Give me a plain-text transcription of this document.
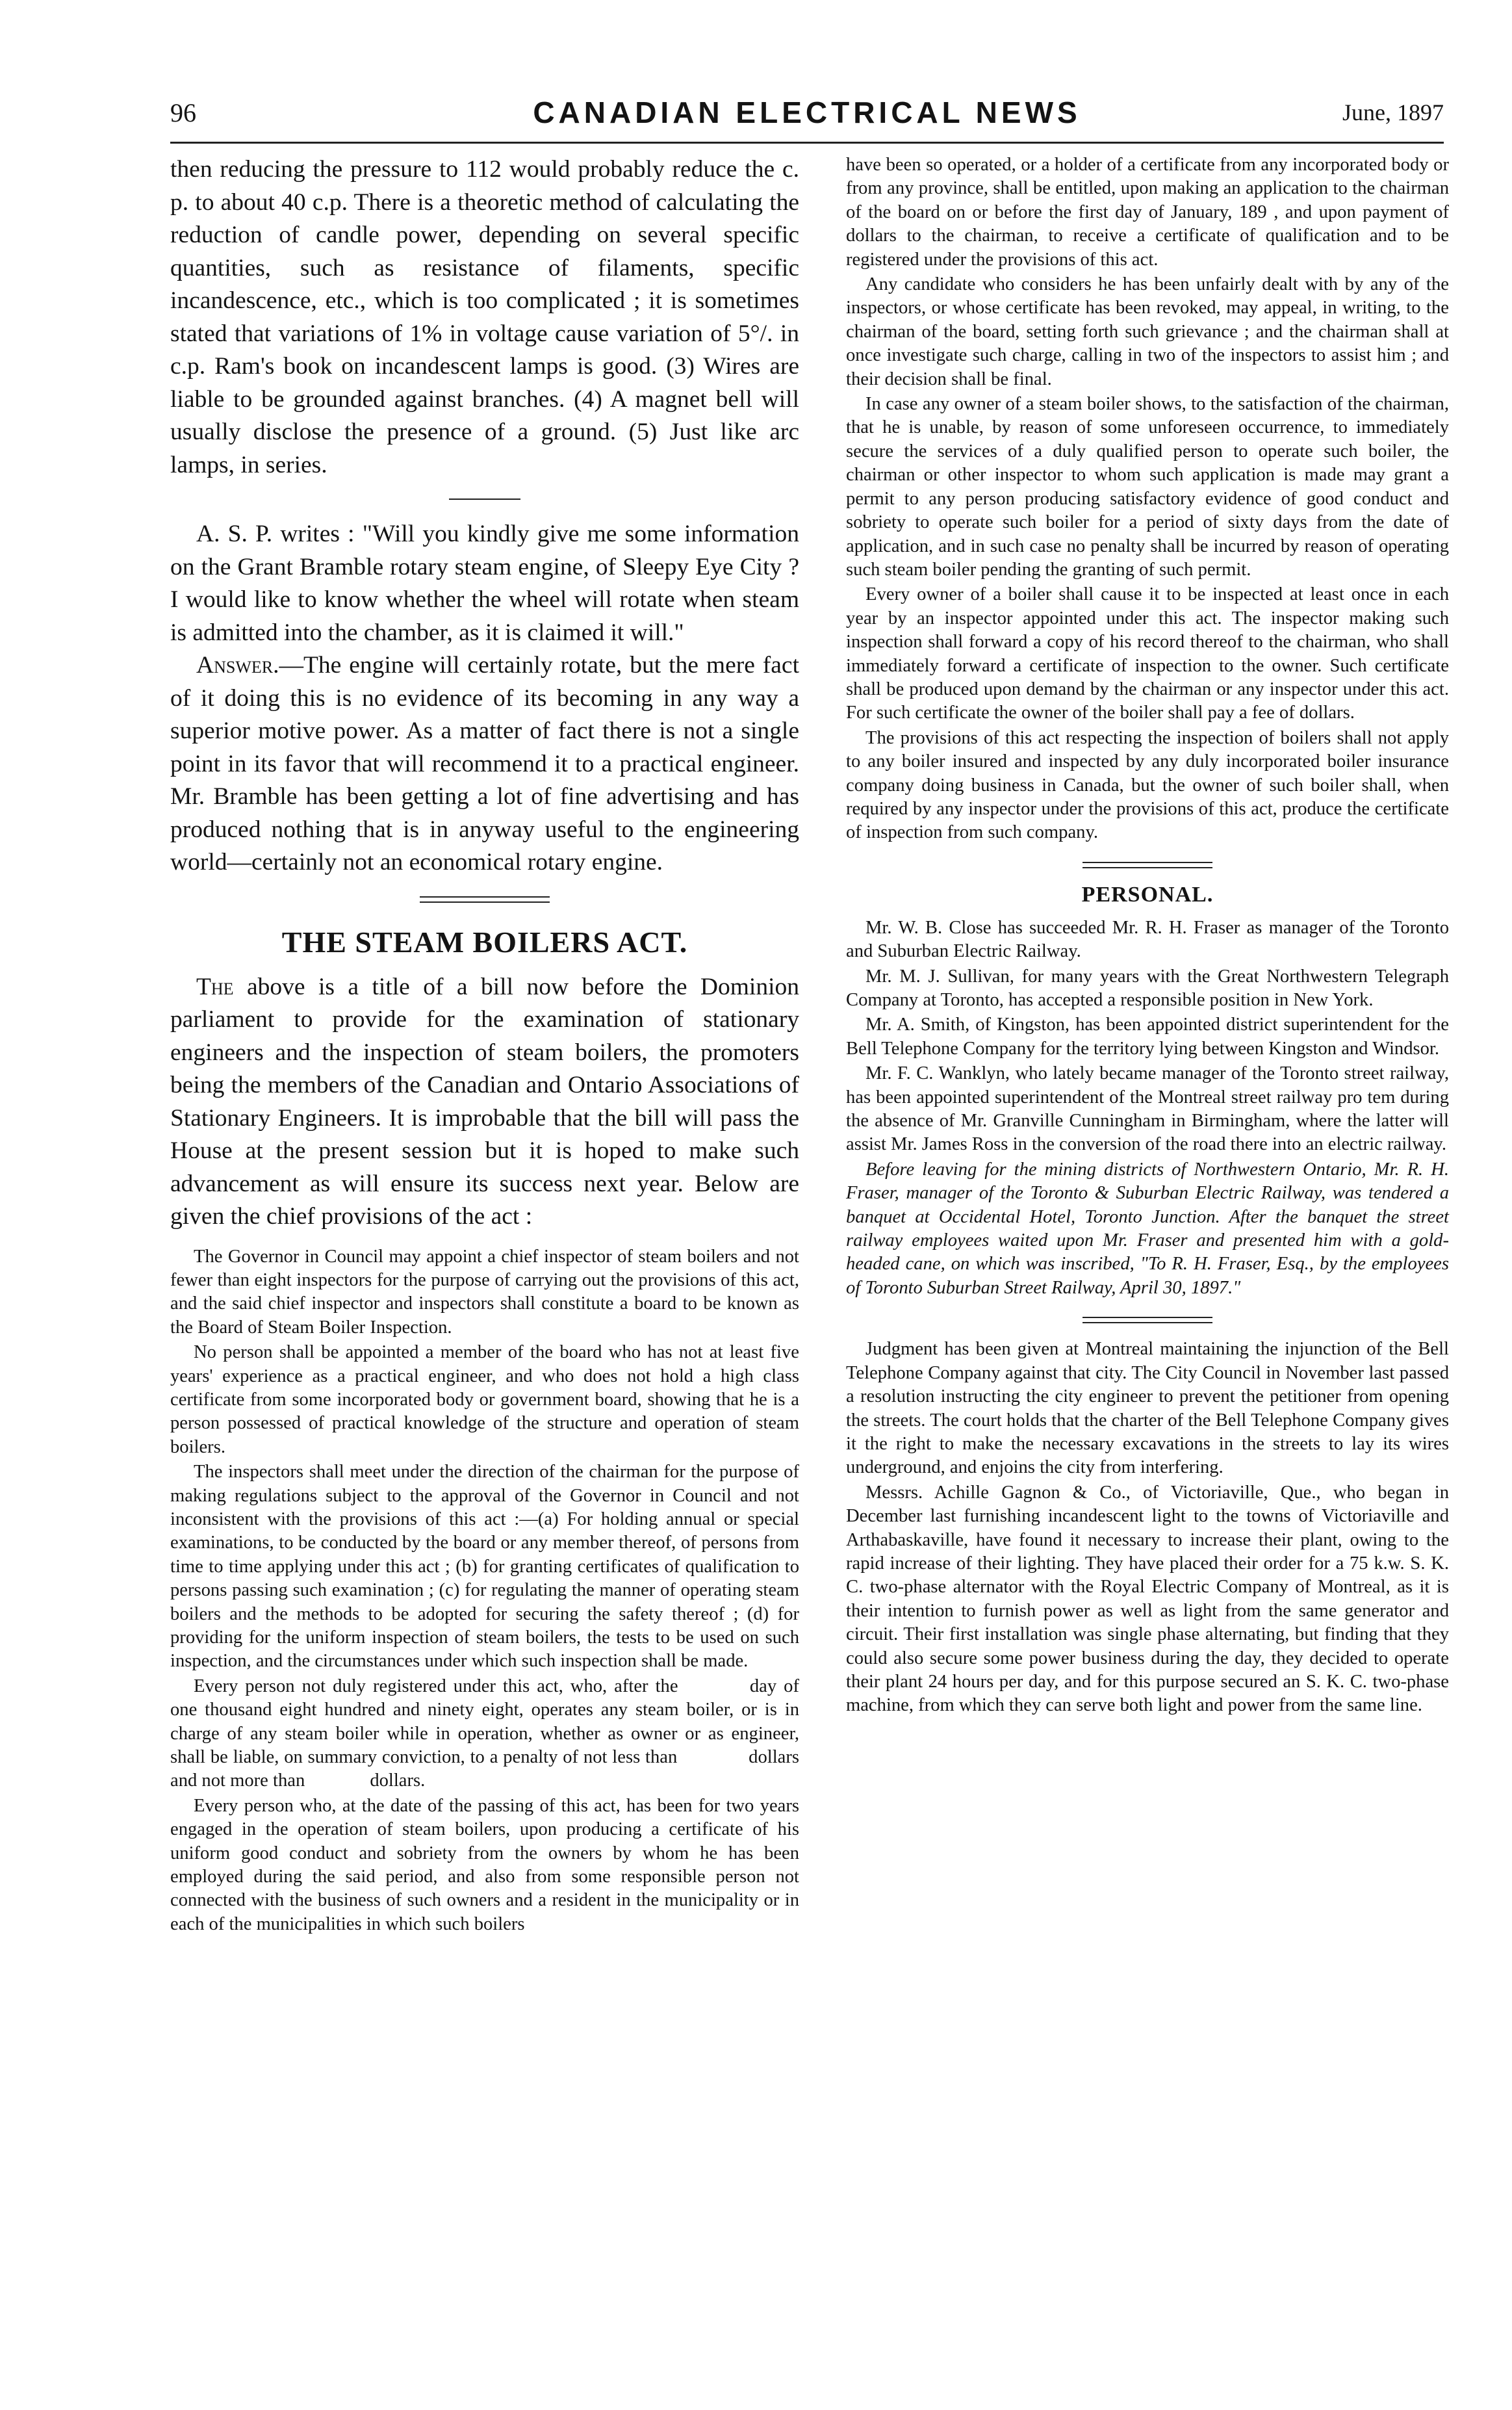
96	CANADIAN ELECTRICAL NEWS	June, 1897

then reducing the pressure to 112 would probably reduce the c. p. to about 40 c.p. There is a theoretic method of calculating the reduction of candle power, depending on several specific quantities, such as resistance of filaments, specific incandescence, etc., which is too complicated ; it is sometimes stated that variations of 1% in voltage cause variation of 5°/. in c.p. Ram's book on incandescent lamps is good. (3) Wires are liable to be grounded against branches. (4) A magnet bell will usually disclose the presence of a ground. (5) Just like arc lamps, in series.

A. S. P. writes : "Will you kindly give me some information on the Grant Bramble rotary steam engine, of Sleepy Eye City ? I would like to know whether the wheel will rotate when steam is admitted into the chamber, as it is claimed it will."

Answer.—The engine will certainly rotate, but the mere fact of it doing this is no evidence of its becoming in any way a superior motive power. As a matter of fact there is not a single point in its favor that will recommend it to a practical engineer. Mr. Bramble has been getting a lot of fine advertising and has produced nothing that is in anyway useful to the engineering world—certainly not an economical rotary engine.

THE STEAM BOILERS ACT.

The above is a title of a bill now before the Dominion parliament to provide for the examination of stationary engineers and the inspection of steam boilers, the promoters being the members of the Canadian and Ontario Associations of Stationary Engineers. It is improbable that the bill will pass the House at the present session but it is hoped to make such advancement as will ensure its success next year. Below are given the chief provisions of the act :

The Governor in Council may appoint a chief inspector of steam boilers and not fewer than eight inspectors for the purpose of carrying out the provisions of this act, and the said chief inspector and inspectors shall constitute a board to be known as the Board of Steam Boiler Inspection.

No person shall be appointed a member of the board who has not at least five years' experience as a practical engineer, and who does not hold a high class certificate from some incorporated body or government board, showing that he is a person possessed of practical knowledge of the structure and operation of steam boilers.

The inspectors shall meet under the direction of the chairman for the purpose of making regulations subject to the approval of the Governor in Council and not inconsistent with the provisions of this act :—(a) For holding annual or special examinations, to be conducted by the board or any member thereof, of persons from time to time applying under this act ; (b) for granting certificates of qualification to persons passing such examination ; (c) for regulating the manner of operating steam boilers and the methods to be adopted for securing the safety thereof ; (d) for providing for the uniform inspection of steam boilers, the tests to be used on such inspection, and the circumstances under which such inspection shall be made.

Every person not duly registered under this act, who, after the          day of                one thousand eight hundred and ninety eight, operates any steam boiler, or is in charge of any steam boiler while in operation, whether as owner or as engineer, shall be liable, on summary conviction, to a penalty of not less than              dollars and not more than              dollars.

Every person who, at the date of the passing of this act, has been for two years engaged in the operation of steam boilers, upon producing a certificate of his uniform good conduct and sobriety from the owners by whom he has been employed during the said period, and also from some responsible person not connected with the business of such owners and a resident in the municipality or in each of the municipalities in which such boilers

have been so operated, or a holder of a certificate from any incorporated body or from any province, shall be entitled, upon making an application to the chairman of the board on or before the first day of January, 189 , and upon payment of dollars to the chairman, to receive a certificate of qualification and to be registered under the provisions of this act.

Any candidate who considers he has been unfairly dealt with by any of the inspectors, or whose certificate has been revoked, may appeal, in writing, to the chairman of the board, setting forth such grievance ; and the chairman shall at once investigate such charge, calling in two of the inspectors to assist him ; and their decision shall be final.

In case any owner of a steam boiler shows, to the satisfaction of the chairman, that he is unable, by reason of some unforeseen occurrence, to immediately secure the services of a duly qualified person to operate such boiler, the chairman or other inspector to whom such application is made may grant a permit to any person producing satisfactory evidence of good conduct and sobriety to operate such boiler for a period of sixty days from the date of application, and in such case no penalty shall be incurred by reason of operating such steam boiler pending the granting of such permit.

Every owner of a boiler shall cause it to be inspected at least once in each year by an inspector appointed under this act. The inspector making such inspection shall forward a copy of his record thereof to the chairman, who shall immediately forward a certificate of inspection to the owner. Such certificate shall be produced upon demand by the chairman or any inspector under this act. For such certificate the owner of the boiler shall pay a fee of dollars.

The provisions of this act respecting the inspection of boilers shall not apply to any boiler insured and inspected by any duly incorporated boiler insurance company doing business in Canada, but the owner of such boiler shall, when required by any inspector under the provisions of this act, produce the certificate of inspection from such company.

PERSONAL.

Mr. W. B. Close has succeeded Mr. R. H. Fraser as manager of the Toronto and Suburban Electric Railway.

Mr. M. J. Sullivan, for many years with the Great Northwestern Telegraph Company at Toronto, has accepted a responsible position in New York.

Mr. A. Smith, of Kingston, has been appointed district superintendent for the Bell Telephone Company for the territory lying between Kingston and Windsor.

Mr. F. C. Wanklyn, who lately became manager of the Toronto street railway, has been appointed superintendent of the Montreal street railway pro tem during the absence of Mr. Granville Cunningham in Birmingham, where the latter will assist Mr. James Ross in the conversion of the road there into an electric railway.

Before leaving for the mining districts of Northwestern Ontario, Mr. R. H. Fraser, manager of the Toronto & Suburban Electric Railway, was tendered a banquet at Occidental Hotel, Toronto Junction. After the banquet the street railway employees waited upon Mr. Fraser and presented him with a gold-headed cane, on which was inscribed, "To R. H. Fraser, Esq., by the employees of Toronto Suburban Street Railway, April 30, 1897."

Judgment has been given at Montreal maintaining the injunction of the Bell Telephone Company against that city. The City Council in November last passed a resolution instructing the city engineer to prevent the petitioner from opening the streets. The court holds that the charter of the Bell Telephone Company gives it the right to make the necessary excavations in the streets to lay its wires underground, and enjoins the city from interfering.

Messrs. Achille Gagnon & Co., of Victoriaville, Que., who began in December last furnishing incandescent light to the towns of Victoriaville and Arthabaskaville, have found it necessary to increase their plant, owing to the rapid increase of their lighting. They have placed their order for a 75 k.w. S. K. C. two-phase alternator with the Royal Electric Company of Montreal, as it is their intention to furnish power as well as light from the same generator and circuit. Their first installation was single phase alternating, but finding that they could also secure some power business during the day, they decided to operate their plant 24 hours per day, and for this purpose secured an S. K. C. two-phase machine, from which they can serve both light and power from the same line.
